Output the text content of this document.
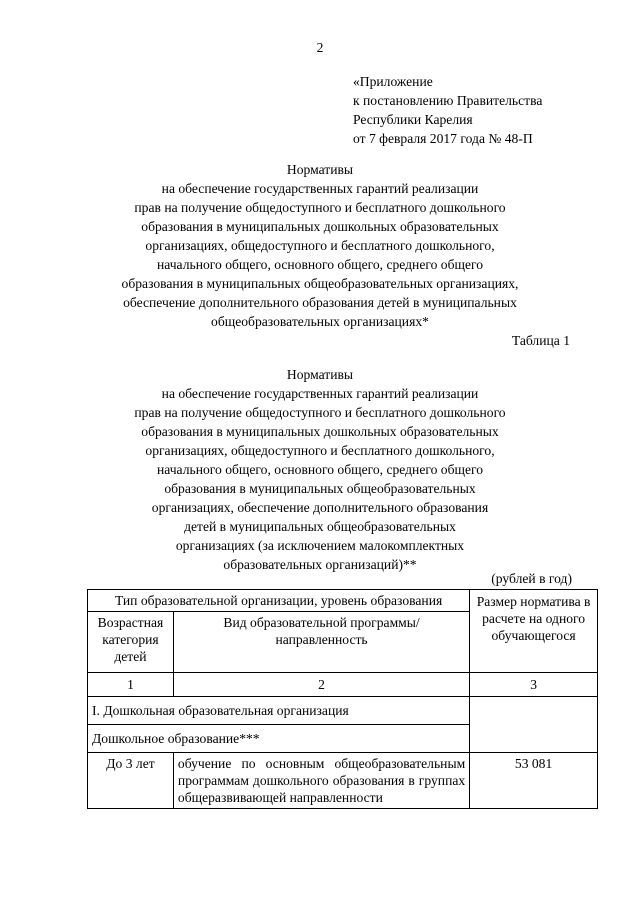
2
«Приложение
к постановлению Правительства
Республики Карелия
от 7 февраля 2017 года № 48-П
Нормативы
на обеспечение государственных гарантий реализации
прав на получение общедоступного и бесплатного дошкольного
образования в муниципальных дошкольных образовательных
организациях, общедоступного и бесплатного дошкольного,
начального общего, основного общего, среднего общего
образования в муниципальных общеобразовательных организациях,
обеспечение дополнительного образования детей в муниципальных
общеобразовательных организациях*
Таблица 1
Нормативы
на обеспечение государственных гарантий реализации
прав на получение общедоступного и бесплатного дошкольного
образования в муниципальных дошкольных образовательных
организациях, общедоступного и бесплатного дошкольного,
начального общего, основного общего, среднего общего
образования в муниципальных общеобразовательных
организациях, обеспечение дополнительного образования
детей в муниципальных общеобразовательных
организациях (за исключением малокомплектных
образовательных организаций)**
(рублей в год)
Тип образовательной организации, уровень образования		Размер норматива в расчете на одного обучающегося
Возрастная категория детей	Вид образовательной программы/ направленность	
1	2	3
I. Дошкольная образовательная организация		
Дошкольное образование***		
До 3 лет	обучение по основным общеобразовательным программам дошкольного образования в группах общеразвивающей направленности	53 081
